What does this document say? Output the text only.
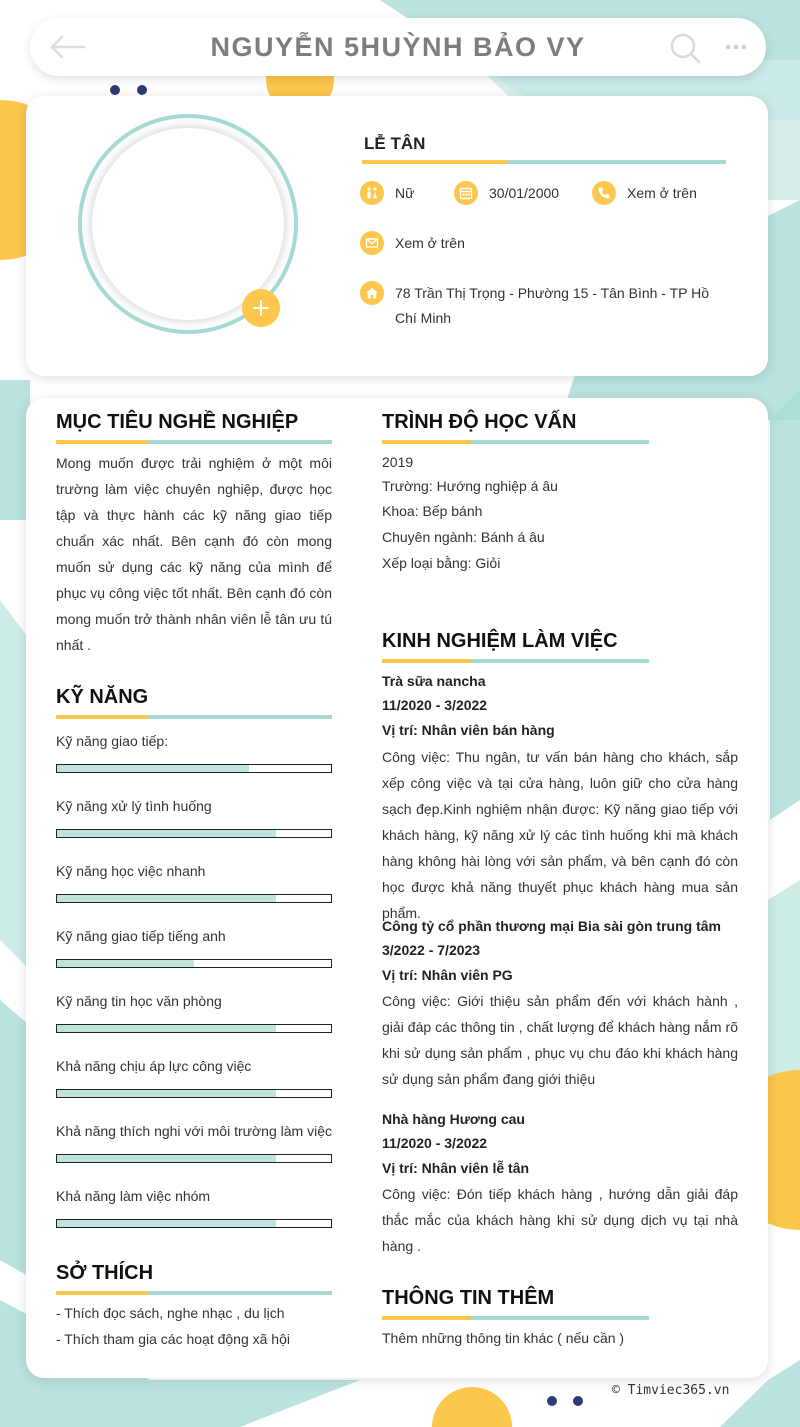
NGUYỄN 5HUỲNH BẢO VY
LỄ TÂN
Nữ	30/01/2000	Xem ở trên
Xem ở trên
78 Trần Thị Trọng - Phường 15 - Tân Bình - TP Hồ Chí Minh
MỤC TIÊU NGHỀ NGHIỆP
Mong muốn được trải nghiệm ở một môi trường làm việc chuyên nghiệp, được học tập và thực hành các kỹ năng giao tiếp chuẩn xác nhất. Bên cạnh đó còn mong muốn sử dụng các kỹ năng của mình để phục vụ công việc tốt nhất. Bên cạnh đó còn mong muốn trở thành nhân viên lễ tân ưu tú nhất .
KỸ NĂNG
SỞ THÍCH
- Thích đọc sách, nghe nhạc , du lịch
- Thích tham gia các hoạt động xã hội
TRÌNH ĐỘ HỌC VẤN
2019
Trường: Hướng nghiệp á âu
Khoa: Bếp bánh
Chuyên ngành: Bánh á âu
Xếp loại bằng: Giỏi
KINH NGHIỆM LÀM VIỆC
Trà sữa nancha
11/2020 - 3/2022
Vị trí: Nhân viên bán hàng
Công việc: Thu ngân, tư vấn bán hàng cho khách, sắp xếp công việc và tại cửa hàng, luôn giữ cho cửa hàng sạch đẹp.Kinh nghiệm nhận được: Kỹ năng giao tiếp với khách hàng, kỹ năng xử lý các tình huống khi mà khách hàng không hài lòng với sản phẩm, và bên cạnh đó còn học được khả năng thuyết phục khách hàng mua sản phẩm.
Công tỷ cổ phần thương mại Bia sài gòn trung tâm
3/2022 - 7/2023
Vị trí: Nhân viên PG
Công việc: Giới thiệu sản phẩm đến với khách hành , giải đáp các thông tin , chất lượng để khách hàng nắm rõ khi sử dụng sản phẩm , phục vụ chu đáo khi khách hàng sử dụng sản phẩm đang giới thiệu
Nhà hàng Hương cau
11/2020 - 3/2022
Vị trí: Nhân viên lễ tân
Công việc: Đón tiếp khách hàng , hướng dẫn giải đáp thắc mắc của khách hàng khi sử dụng dịch vụ tại nhà hàng .
THÔNG TIN THÊM
Thêm những thông tin khác ( nếu cần )
Kỹ năng giao tiếp:
Kỹ năng xử lý tình huống
Kỹ năng học việc nhanh
Kỹ năng giao tiếp tiếng anh
Kỹ năng tin học văn phòng
Khả năng chịu áp lực công việc
Khả năng thích nghi với môi trường làm việc
Khả năng làm việc nhóm
© Timviec365.vn
